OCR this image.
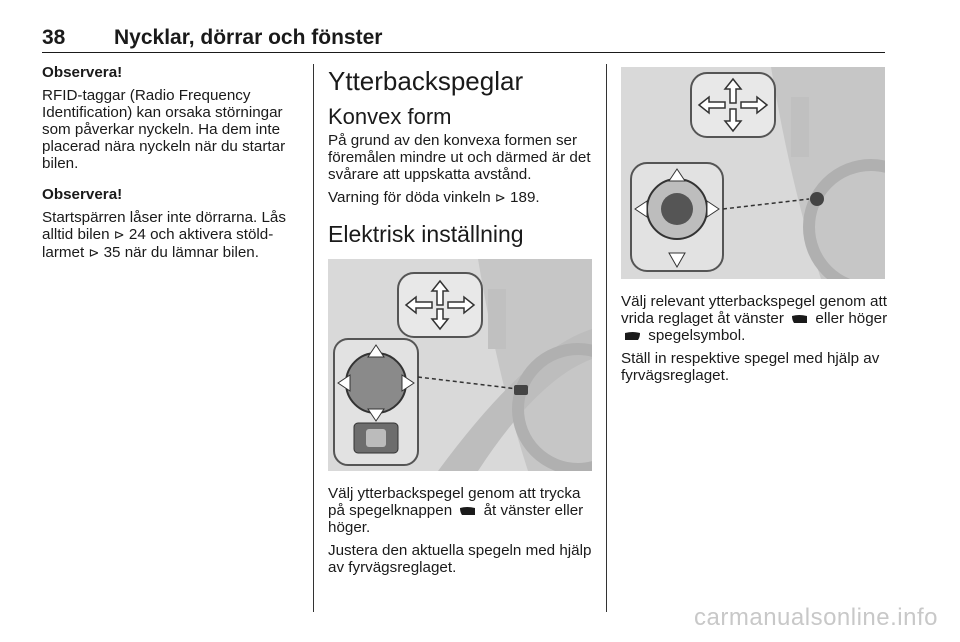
38 Nycklar, dörrar och fönster

Observera!

RFID-taggar (Radio Frequency Identification) kan orsaka störningar som påverkar nyckeln. Ha dem inte placerad nära nyckeln när du startar bilen.

Observera!

Startspärren låser inte dörrarna. Lås alltid bilen ⊳ 24 och aktivera stöld-larmet ⊳ 35 när du lämnar bilen.

Ytterbackspeglar
Konvex form

På grund av den konvexa formen ser föremålen mindre ut och därmed är det svårare att uppskatta avstånd.

Varning för döda vinkeln ⊳ 189.

Elektrisk inställning

Välj ytterbackspegel genom att trycka på spegelknappen åt vänster eller höger.

Justera den aktuella spegeln med hjälp av fyrvägsreglaget.

Välj relevant ytterbackspegel genom att vrida reglaget åt vänster eller höger  spegelsymbol.

Ställ in respektive spegel med hjälp av fyrvägsreglaget.

carmanualsonline.info
